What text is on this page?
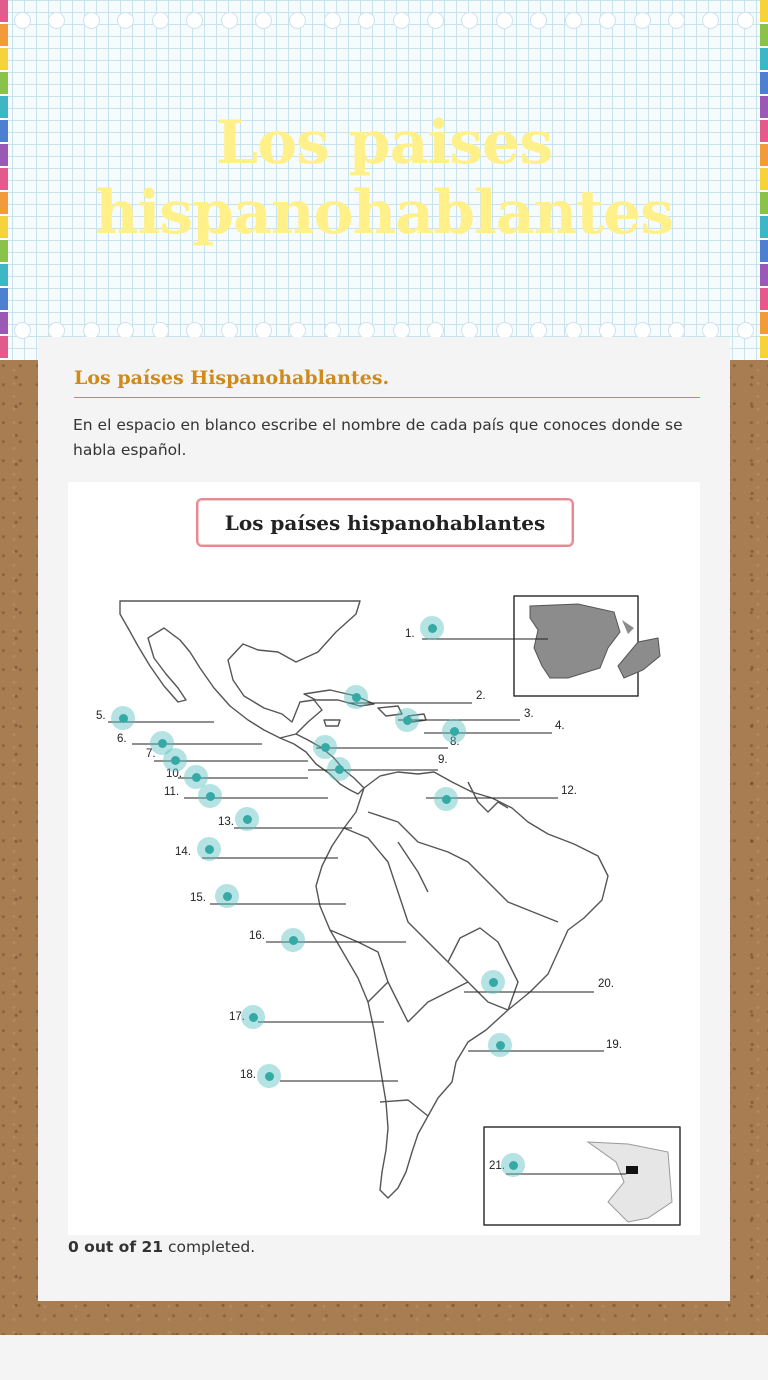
Los paises hispanohablantes
Los países Hispanohablantes.

En el espacio en blanco escribe el nombre de cada país que conoces donde se habla español.

Los países hispanohablantes
1.
2.
3.
4.
5.
6.
7.
8.
9.
10.
11.	12.
13.
14.
15.
16.
17.
18.
19.
20.
21.
0 out of 21 completed.
